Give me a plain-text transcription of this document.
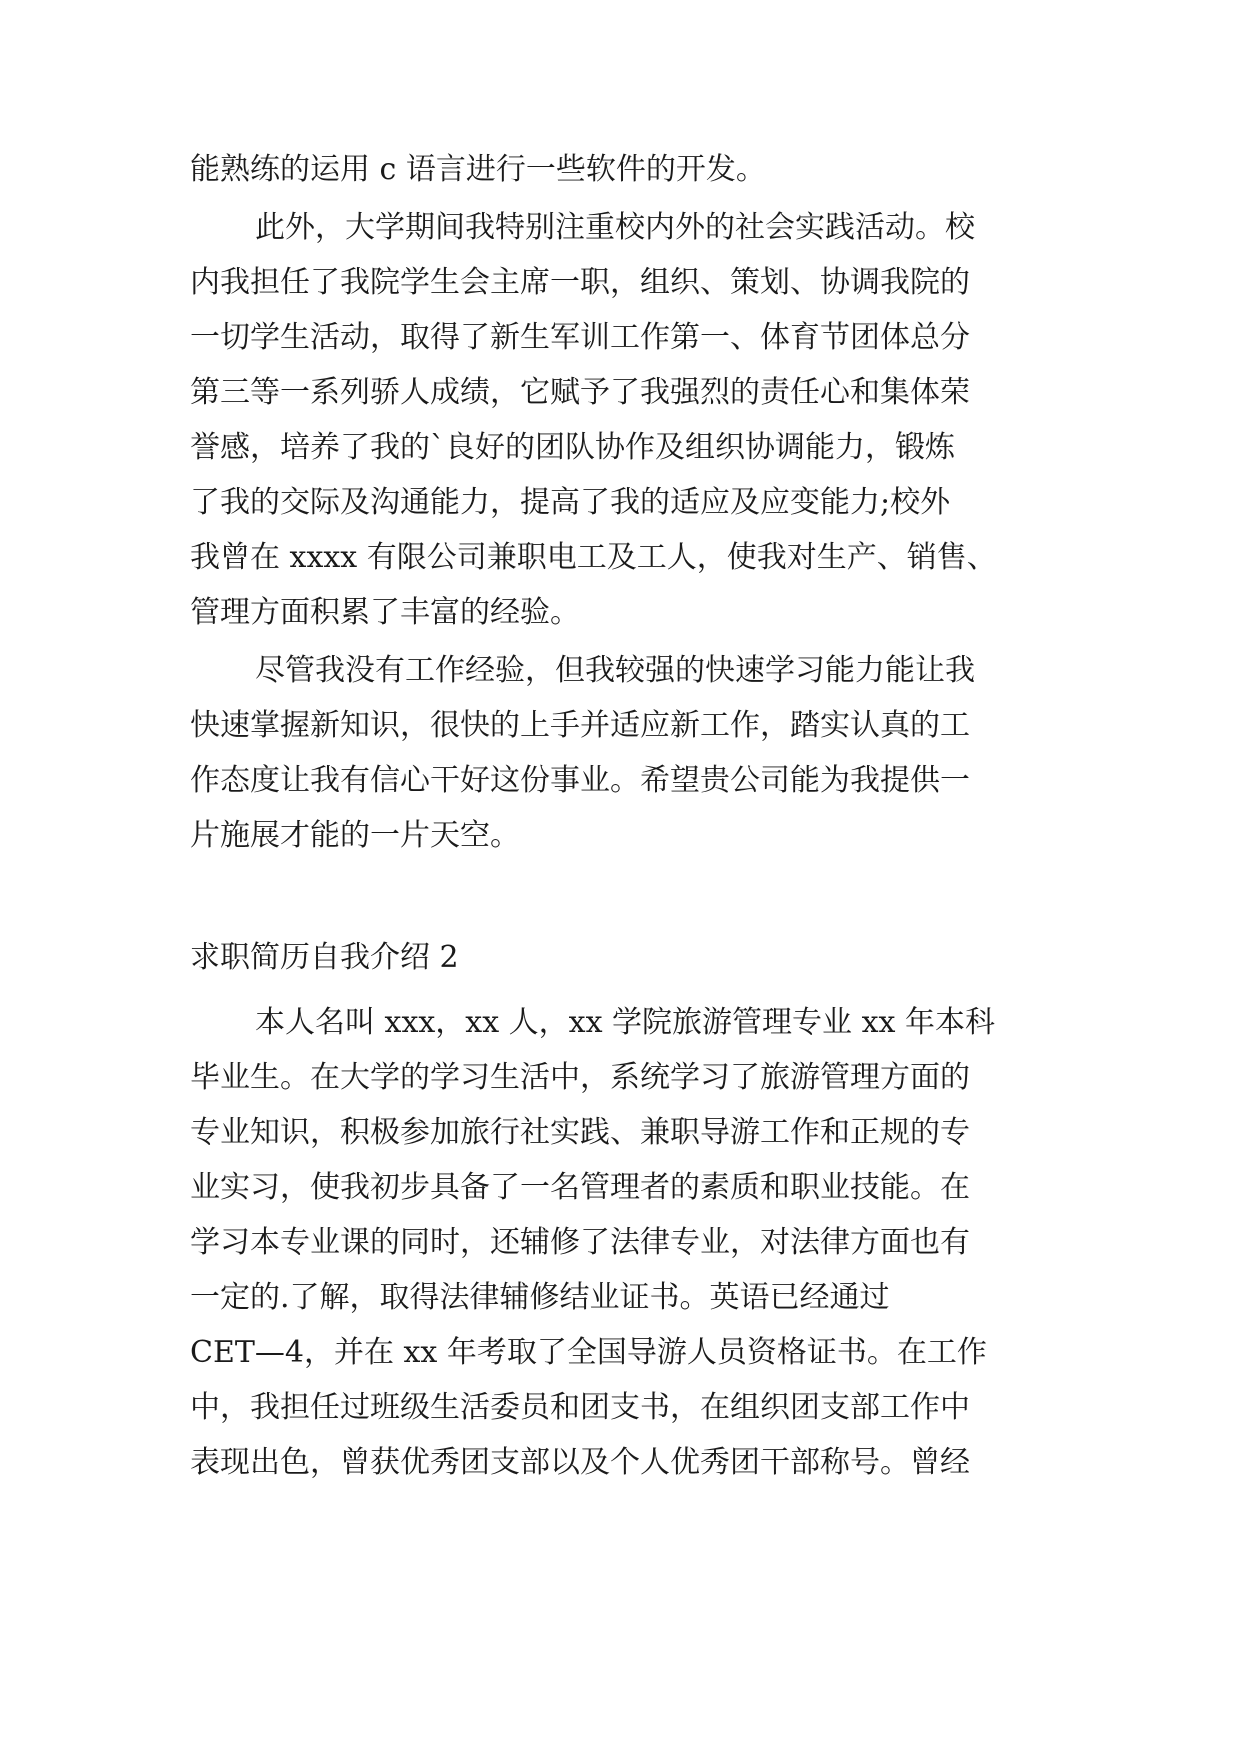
能熟练的运用 c 语言进行一些软件的开发。
此外，大学期间我特别注重校内外的社会实践活动。校
内我担任了我院学生会主席一职，组织、策划、协调我院的
一切学生活动，取得了新生军训工作第一、体育节团体总分
第三等一系列骄人成绩，它赋予了我强烈的责任心和集体荣
誉感，培养了我的`良好的团队协作及组织协调能力，锻炼
了我的交际及沟通能力，提高了我的适应及应变能力;校外
我曾在 xxxx 有限公司兼职电工及工人，使我对生产、销售、
管理方面积累了丰富的经验。
尽管我没有工作经验，但我较强的快速学习能力能让我
快速掌握新知识，很快的上手并适应新工作，踏实认真的工
作态度让我有信心干好这份事业。希望贵公司能为我提供一
片施展才能的一片天空。
求职简历自我介绍 2
本人名叫 xxx，xx 人，xx 学院旅游管理专业 xx 年本科
毕业生。在大学的学习生活中，系统学习了旅游管理方面的
专业知识，积极参加旅行社实践、兼职导游工作和正规的专
业实习，使我初步具备了一名管理者的素质和职业技能。在
学习本专业课的同时，还辅修了法律专业，对法律方面也有
一定的.了解，取得法律辅修结业证书。英语已经通过
CET—4，并在 xx 年考取了全国导游人员资格证书。在工作
中，我担任过班级生活委员和团支书，在组织团支部工作中
表现出色，曾获优秀团支部以及个人优秀团干部称号。曾经
